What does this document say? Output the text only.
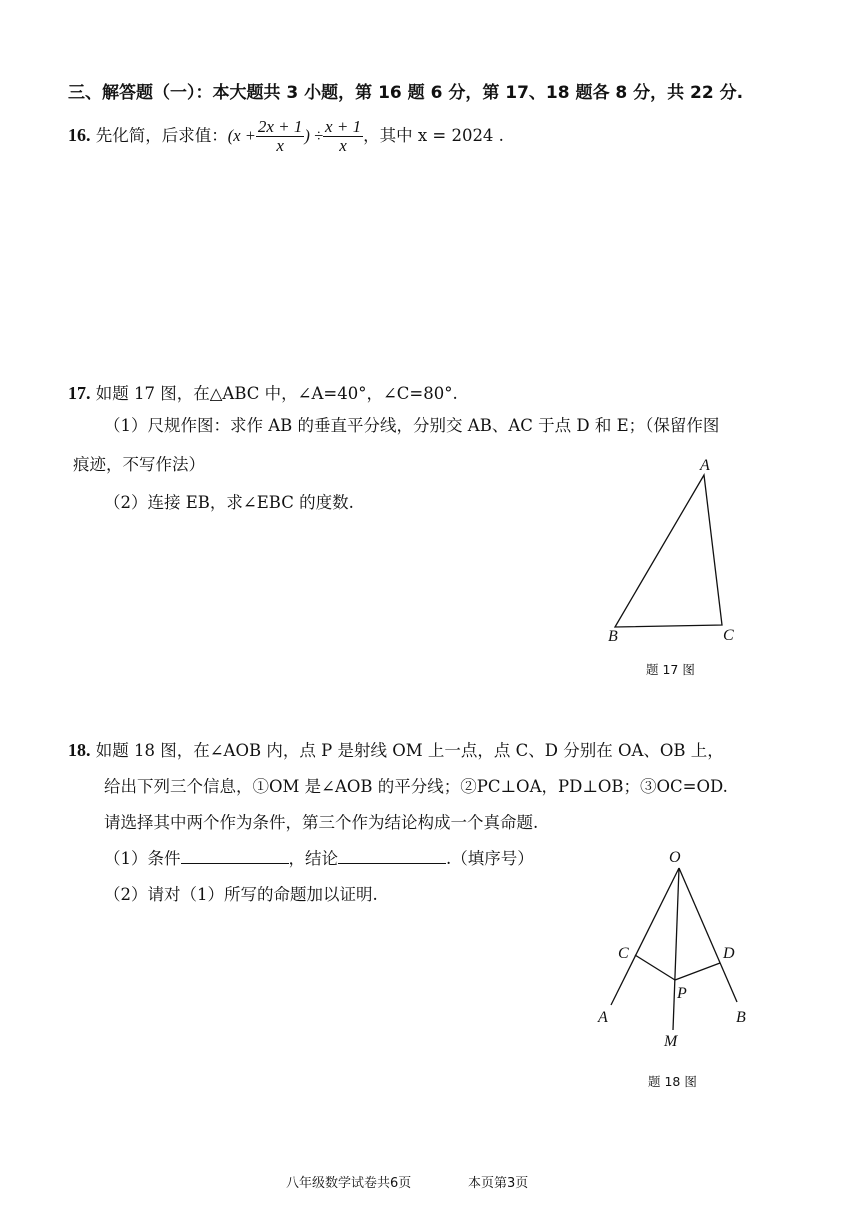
三、解答题（一）：本大题共 3 小题，第 16 题 6 分，第 17、18 题各 8 分，共 22 分.
16. 先化简，后求值：($x + \frac{2x + 1}{x}$ ) ÷ $\frac{x + 1}{x}$ ，其中 x = 2024 .
17. 如题 17 图，在△ABC 中，∠A=40°，∠C=80°.
（1）尺规作图：求作 AB 的垂直平分线，分别交 AB、AC 于点 D 和 E；（保留作图
痕迹，不写作法）
（2）连接 EB，求∠EBC 的度数.
A
B	C
题 17 图
18. 如题 18 图，在∠AOB 内，点 P 是射线 OM 上一点，点 C、D 分别在 OA、OB 上，
给出下列三个信息，①OM 是∠AOB 的平分线；②PC⊥OA，PD⊥OB；③OC=OD.
请选择其中两个作为条件，第三个作为结论构成一个真命题.
（1）条件	，结论	.（填序号）
（2）请对（1）所写的命题加以证明.
O
C	D
P
A	B
M
题 18 图
八年级数学试卷共6页	本页第3页
